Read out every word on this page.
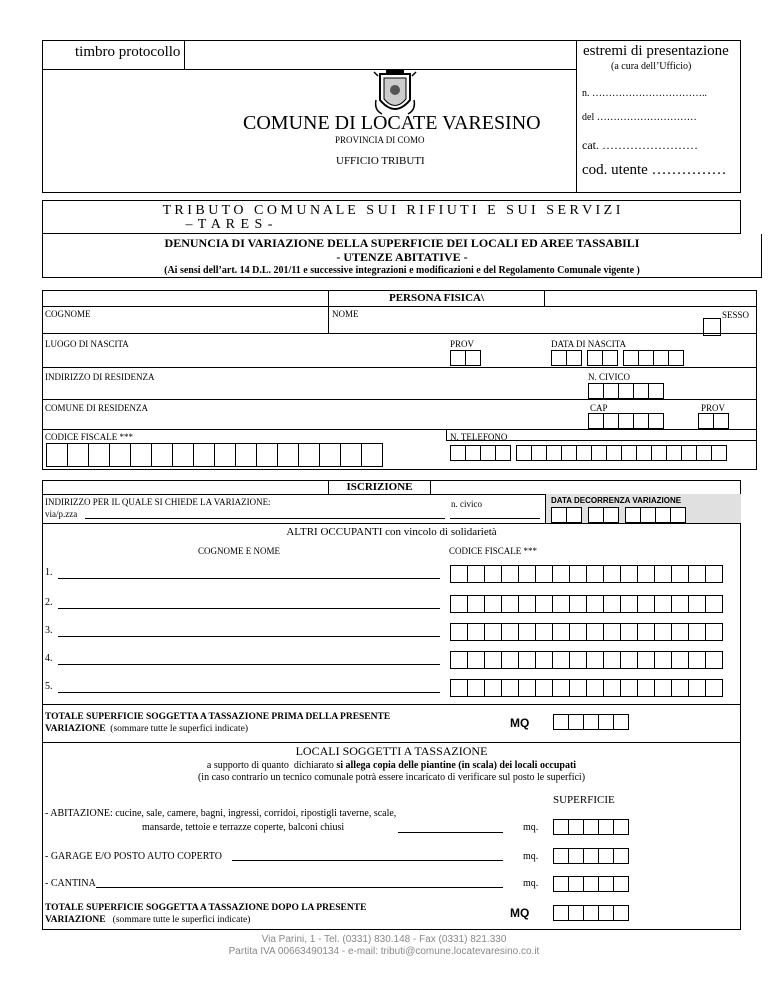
timbro protocollo	estremi di presentazione
(a cura dell’Ufficio)
n. ……………………………..
del …………………………
cat. ……………………
cod. utente ……………
COMUNE DI LOCATE VARESINO
PROVINCIA DI COMO
UFFICIO TRIBUTI
T R I B U T O   C O M U N A L E   S U I   R I F I U T I   E   S U I   S E R V I Z I
– T A R E S -
DENUNCIA DI VARIAZIONE DELLA SUPERFICIE DEI LOCALI ED AREE TASSABILI
- UTENZE ABITATIVE -
(Ai sensi dell’art. 14 D.L. 201/11 e successive integrazioni e modificazioni e del Regolamento Comunale vigente )
PERSONA FISICA\
COGNOME	NOME	SESSO
LUOGO DI NASCITA	PROV	DATA DI NASCITA
INDIRIZZO DI RESIDENZA	N. CIVICO
COMUNE DI RESIDENZA	CAP	PROV
CODICE FISCALE ***	N. TELEFONO
ISCRIZIONE
INDIRIZZO PER IL QUALE SI CHIEDE LA VARIAZIONE:
via/p.zza
n. civico	DATA DECORRENZA VARIAZIONE
ALTRI OCCUPANTI con vincolo di solidarietà
COGNOME E NOME	CODICE FISCALE ***
1.
2.
3.
4.
5.
TOTALE SUPERFICIE SOGGETTA A TASSAZIONE PRIMA DELLA PRESENTE
VARIAZIONE  (sommare tutte le superfici indicate)	MQ
LOCALI SOGGETTI A TASSAZIONE
a supporto di quanto  dichiarato si allega copia delle piantine (in scala) dei locali occupati
(in caso contrario un tecnico comunale potrà essere incaricato di verificare sul posto le superfici)
SUPERFICIE
- ABITAZIONE: cucine, sale, camere, bagni, ingressi, corridoi, ripostigli taverne, scale,
mansarde, tettoie e terrazze coperte, balconi chiusi	mq.
- GARAGE E/O POSTO AUTO COPERTO	mq.
- CANTINA	mq.
TOTALE SUPERFICIE SOGGETTA A TASSAZIONE DOPO LA PRESENTE
VARIAZIONE   (sommare tutte le superfici indicate)	MQ
Via Parini, 1 - Tel. (0331) 830.148 - Fax (0331) 821.330
Partita IVA 00663490134 - e-mail: tributi@comune.locatevaresino.co.it
